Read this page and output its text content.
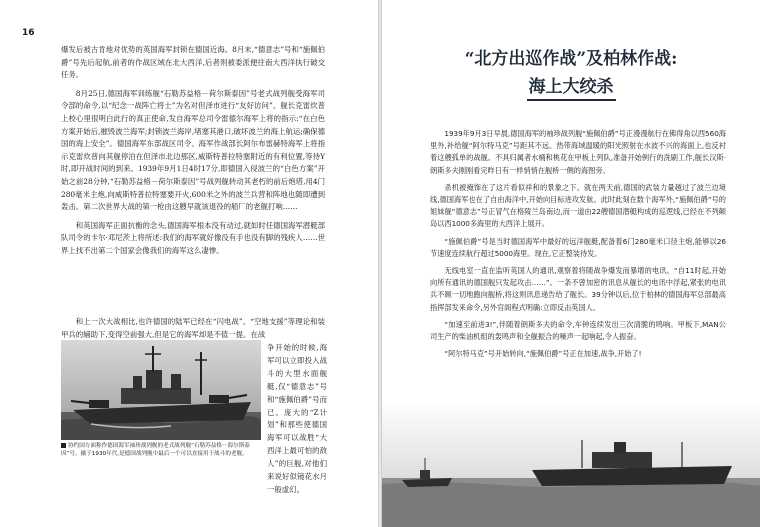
16

爆发后被古肯地对优势的英国海军封锁在德国近海。8月末,“德意志”号和“施佩伯爵”号先后起航,前者的作战区域在北大西洋,后者则被委派便往南大西洋执行破交任务。

8月25日,德国海军训练舰“石勒苏益格－荷尔斯泰因”号老式战列舰受海军司令部的命令,以“纪念一战阵亡将士”为名对但泽市进行“友好访问”。舰长克雷炊普上校心里很明白此行的真正使命,发自海军总司令雷德尔海军上将的指示:“在白色方案开始后,摧毁波兰海军;封锁波兰海岸,堵塞其港口,破坏波兰的海上航运;确保德国的海上安全”。德国海军东部战区司令、海军作战部长阿尔布雷赫特海军上将指示克雷炊普向其舰停泊在但泽市北边那区,威斯特普拉特塞附近的有利位置,等待Y时,即开战时间的到来。1939年9月1日4时17分,即德国入侵波兰的“白色方案”开始之前28分钟,“石勒苏益格－荷尔斯泰因”号战列舰转动其老朽的前后炮塔,用4门280毫米主炮,向威斯特普拉特塞要开火,600米之外的波兰兵营和阵地也随即遭到轰击。第二次世界大战的第一枪由这艘早就该退役的船厂的老舰打响……

和英国海军正面抗衡的念头,德国海军根本没有动过,就如时任德国海军潜艇部队司令的卡尔·邓尼茨上将所述:我们的海军就好像没有手也没有脚的残疾人……世界上找不出第二个国家会像我们的海军这么凄惨。

和上一次大战相比,也许德国的陆军已经在“闪电战”、“空地支援”等理论和装甲兵的辅助下,变得空前强大,但是它的海军却是不值一提。在战

协约国方面称作德国海军袖珍战列舰的老式战列舰“石勒苏益格－海尔斯泰因”号。摄于1930年代,是德国战列舰中最后一个可以直接用于战斗的老舰。
争开始的时候,海军可以立即投入战斗的大型水面舰艇,仅“德意志”号和“施佩伯爵”号而已。庞大的“Z计划”和那些使德国海军可以战胜“大西洋上最可怕的敌人”的巨舰,对他们来说好似镜花水月一般虚幻。
“北方出巡作战”及柏林作战:
海上大绞杀

1939年9月3日早晨,德国海军的袖珍战列舰“施佩伯爵”号正漫漫航行在佛得角以西560海里外,补给舰“阿尔特马克”号距其不远。热带海域温暖的阳光照射在水波不兴的海面上,也反衬着这艘孤单的战舰。不具归属者水桶和桃花在甲板上列队,准备开始例行的洗刷工作,舰长汉斯·朗斯多夫刚刚看完昨日有一样悄悄在舰桥一侧的海图旁。

杀机被掩饰在了这片看似祥和的景象之下。就在两天前,德国的武装力量越过了波兰边境线,德国海军也在了自由海洋中,开始向目标进攻发航。此时此刻在数个海军外,“施佩伯爵”号的姐妹舰“德意志”号正冒气在格陵兰岛南边,而一道由22艘德国潜艇构成的巡逻线,已经在不列颠岛以西1000多海里的大西洋上展开。

“施佩伯爵”号是当时德国海军中最好的远洋舰艇,配备着6门280毫米口径主炮,能够以26节速度连续航行超过5000海里。现在,它正整装待发。

无线电室一直在监听英国人的通讯,观察着将随战争爆发而暴增的电讯。“自11时起,开始向所有通讯的德国舰只发起攻击……”。一条不曾加密的讯息从舰长的电讯中浮起,紧张的电讯兵不顾一切地跑向舰桥,将这则讯息递告给了舰长。39分钟以后,位于柏林的德国海军总部最高指挥部发来命令,另外官阁程式明确:立即反击英国人。

“加速至前进3!”,伴随着朗斯多夫的命令,车钟连续发出三次清脆的鸣响。甲板下,MAN公司生产的柴油机组的轰鸣声和全舰振合的噪声一起响起,令人振奋。

“阿尔特马克”号开始转向,“施佩伯爵”号正在加速,战争,开始了!
